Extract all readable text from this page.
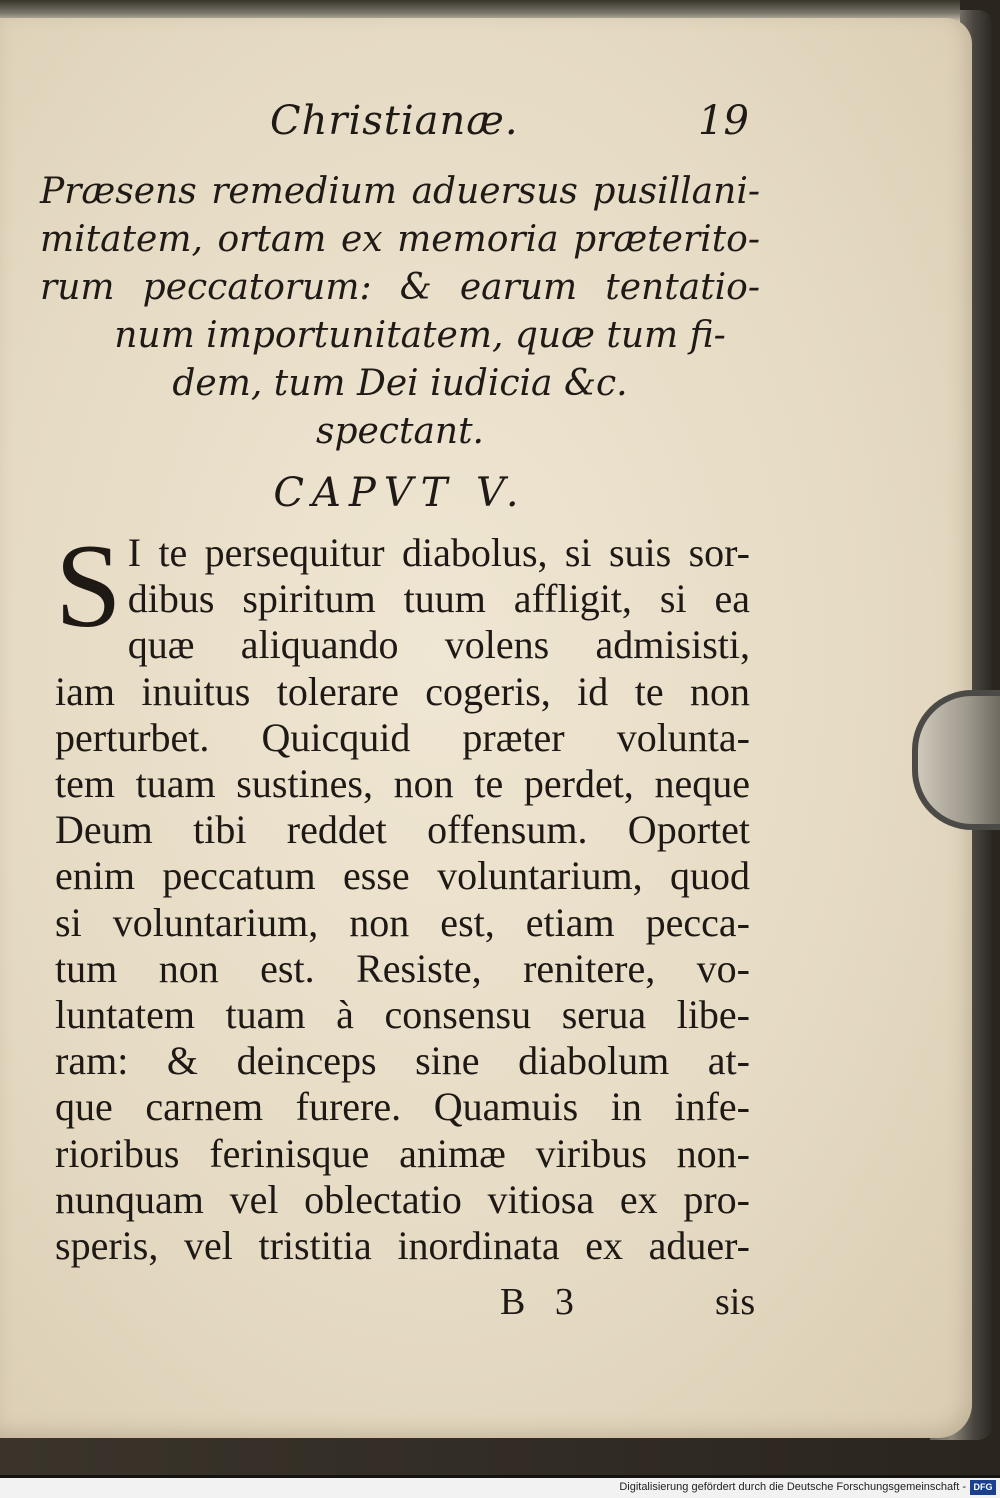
Christianæ.	19
Præsens remedium aduersus pusillani-
mitatem, ortam ex memoria præterito-
rum peccatorum: & earum tentatio-
num importunitatem, quæ tum fi-
dem, tum Dei iudicia &c.
spectant.
CAPVT V.
S I te persequitur diabolus, si suis sor-
dibus spiritum tuum affligit, si ea
quæ aliquando volens admisisti,
iam inuitus tolerare cogeris, id te non
perturbet. Quicquid præter volunta-
tem tuam sustines, non te perdet, neque
Deum tibi reddet offensum. Oportet
enim peccatum esse voluntarium, quod
si voluntarium, non est, etiam pecca-
tum non est. Resiste, renitere, vo-
luntatem tuam à consensu serua libe-
ram: & deinceps sine diabolum at-
que carnem furere. Quamuis in infe-
rioribus ferinisque animæ viribus non-
nunquam vel oblectatio vitiosa ex pro-
speris, vel tristitia inordinata ex aduer-
B 3	sis
Digitalisierung gefördert durch die Deutsche Forschungsgemeinschaft - DFG
